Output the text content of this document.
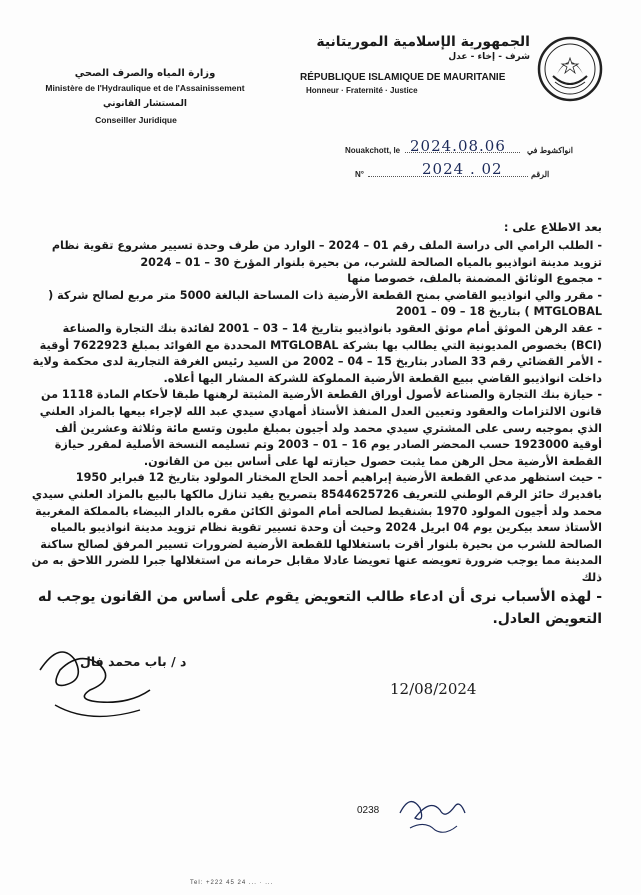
وزارة المياه والصرف الصحي
Ministère de l'Hydraulique et de l'Assainissement
المستشار القانوني
Conseiller Juridique
الجمهورية الإسلامية الموريتانية
شرف - إخاء - عدل
RÉPUBLIQUE ISLAMIQUE DE MAURITANIE
Honneur · Fraternité · Justice
Nouakchott, le 2024.08.06	انواكشوط في
N°	2024 . 02	الرقم
بعد الاطلاع على :

- الطلب الرامي الى دراسة الملف رقم 01 – 2024 – الوارد من طرف وحدة تسيير مشروع تقوية نظام تزويد مدينة انواذيبو بالمياه الصالحة للشرب، من بحيرة بلنوار المؤرخ 30 – 01 – 2024

- مجموع الوثائق المضمنة بالملف، خصوصا منها

- مقرر والي انواذيبو القاضي بمنح القطعة الأرضية ذات المساحة البالغة 5000 متر مربع لصالح شركة ( MTGLOBAL ) بتاريخ 18 – 09 – 2001

- عقد الرهن الموثق أمام موثق العقود بانواذيبو بتاريخ 14 – 03 – 2001 لفائدة بنك التجارة والصناعة (BCI) بخصوص المديونية التي يطالب بها بشركة MTGLOBAL المحددة مع الفوائد بمبلغ 7622923 أوقية

- الأمر القضائي رقم 33 الصادر بتاريخ 15 – 04 – 2002 من السيد رئيس الغرفة التجارية لدى محكمة ولاية داخلت انواذيبو القاضي ببيع القطعة الأرضية المملوكة للشركة المشار اليها أعلاه.

- حيازة بنك التجارة والصناعة لأصول أوراق القطعة الأرضية المثبتة لرهنها طبقا لأحكام المادة 1118 من قانون الالتزامات والعقود وتعيين العدل المنفذ الأستاذ أمهادي سيدي عبد الله لإجراء بيعها بالمزاد العلني الذي بموجبه رسى على المشتري سيدي محمد ولد أجيون بمبلغ مليون وتسع مائة وثلاثة وعشرين ألف أوقية 1923000 حسب المحضر الصادر يوم 16 – 01 – 2003 وتم تسليمه النسخة الأصلية لمقرر حيازة القطعة الأرضية محل الرهن مما يثبت حصول حيازته لها على أساس بين من القانون.

- حيث استظهر مدعي القطعة الأرضية إبراهيم أحمد الحاج المختار المولود بتاريخ 12 فبراير 1950 بافديرك حائز الرقم الوطني للتعريف 8544625726 بتصريح يفيد تنازل مالكها بالبيع بالمزاد العلني سيدي محمد ولد أجيون المولود 1970 بشنقيط لصالحه أمام الموثق الكائن مقره بالدار البيضاء بالمملكة المغربية الأستاذ سعد بيكرين يوم 04 ابريل 2024 وحيث أن وحدة تسيير تقوية نظام تزويد مدينة انواذيبو بالمياه الصالحة للشرب من بحيرة بلنوار أقرت باستغلالها للقطعة الأرضية لضرورات تسيير المرفق لصالح ساكنة المدينة مما يوجب ضرورة تعويضه عنها تعويضا عادلا مقابل حرمانه من استغلالها جبرا للضرر اللاحق به من ذلك

- لهذه الأسباب نرى أن ادعاء طالب التعويض يقوم على أساس من القانون يوجب له التعويض العادل.

د / باب محمد فال
12/08/2024
0238
Tel: +222 45 24 ... · ...
